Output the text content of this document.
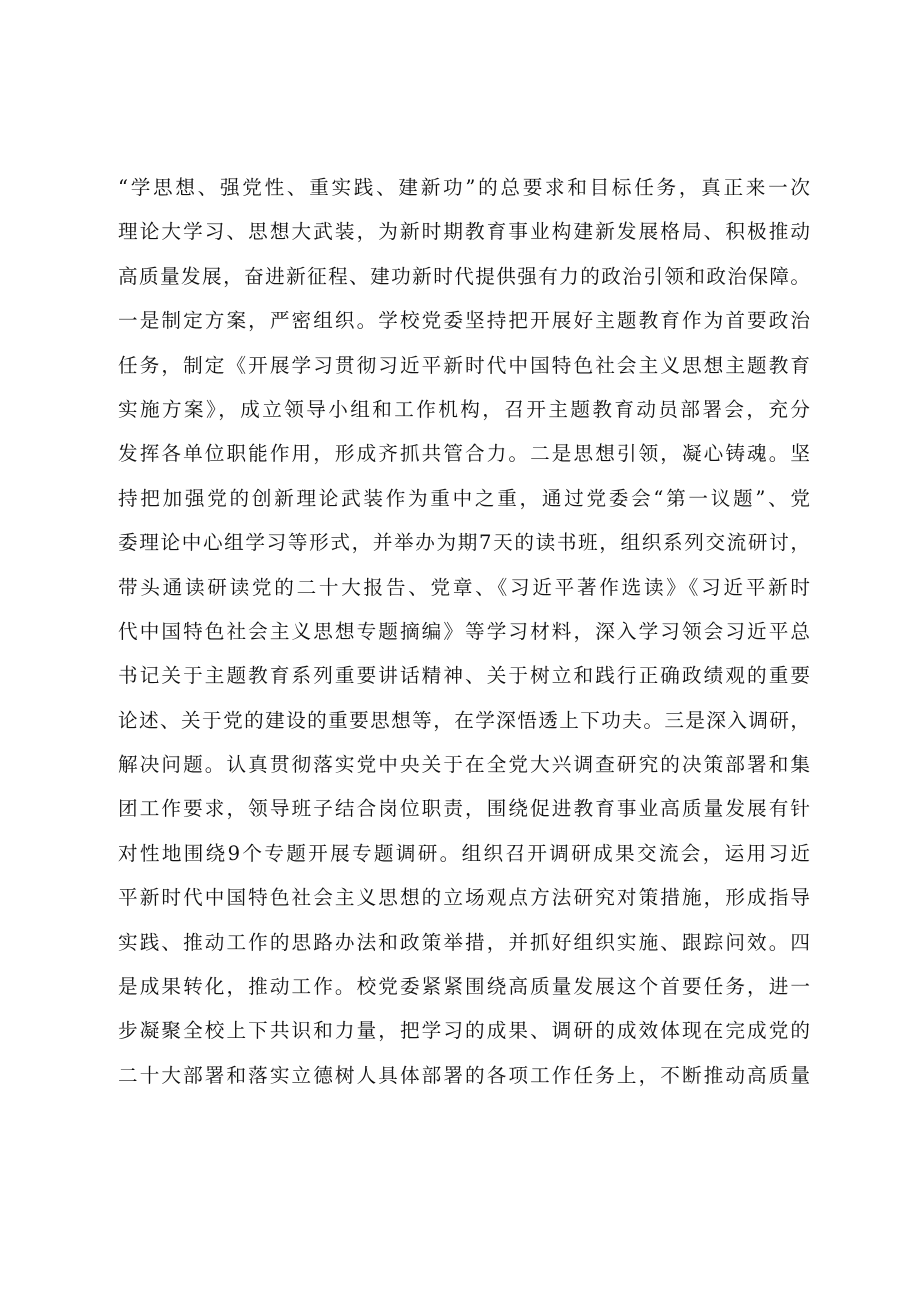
“学思想、强党性、重实践、建新功”的总要求和目标任务，真正来一次
理论大学习、思想大武装，为新时期教育事业构建新发展格局、积极推动
高质量发展，奋进新征程、建功新时代提供强有力的政治引领和政治保障。
一是制定方案，严密组织。学校党委坚持把开展好主题教育作为首要政治
任务，制定《开展学习贯彻习近平新时代中国特色社会主义思想主题教育
实施方案》，成立领导小组和工作机构，召开主题教育动员部署会，充分
发挥各单位职能作用，形成齐抓共管合力。二是思想引领，凝心铸魂。坚
持把加强党的创新理论武装作为重中之重，通过党委会“第一议题”、党
委理论中心组学习等形式，并举办为期7天的读书班，组织系列交流研讨，
带头通读研读党的二十大报告、党章、《习近平著作选读》《习近平新时
代中国特色社会主义思想专题摘编》等学习材料，深入学习领会习近平总
书记关于主题教育系列重要讲话精神、关于树立和践行正确政绩观的重要
论述、关于党的建设的重要思想等，在学深悟透上下功夫。三是深入调研，
解决问题。认真贯彻落实党中央关于在全党大兴调查研究的决策部署和集
团工作要求，领导班子结合岗位职责，围绕促进教育事业高质量发展有针
对性地围绕9个专题开展专题调研。组织召开调研成果交流会，运用习近
平新时代中国特色社会主义思想的立场观点方法研究对策措施，形成指导
实践、推动工作的思路办法和政策举措，并抓好组织实施、跟踪问效。四
是成果转化，推动工作。校党委紧紧围绕高质量发展这个首要任务，进一
步凝聚全校上下共识和力量，把学习的成果、调研的成效体现在完成党的
二十大部署和落实立德树人具体部署的各项工作任务上，不断推动高质量
